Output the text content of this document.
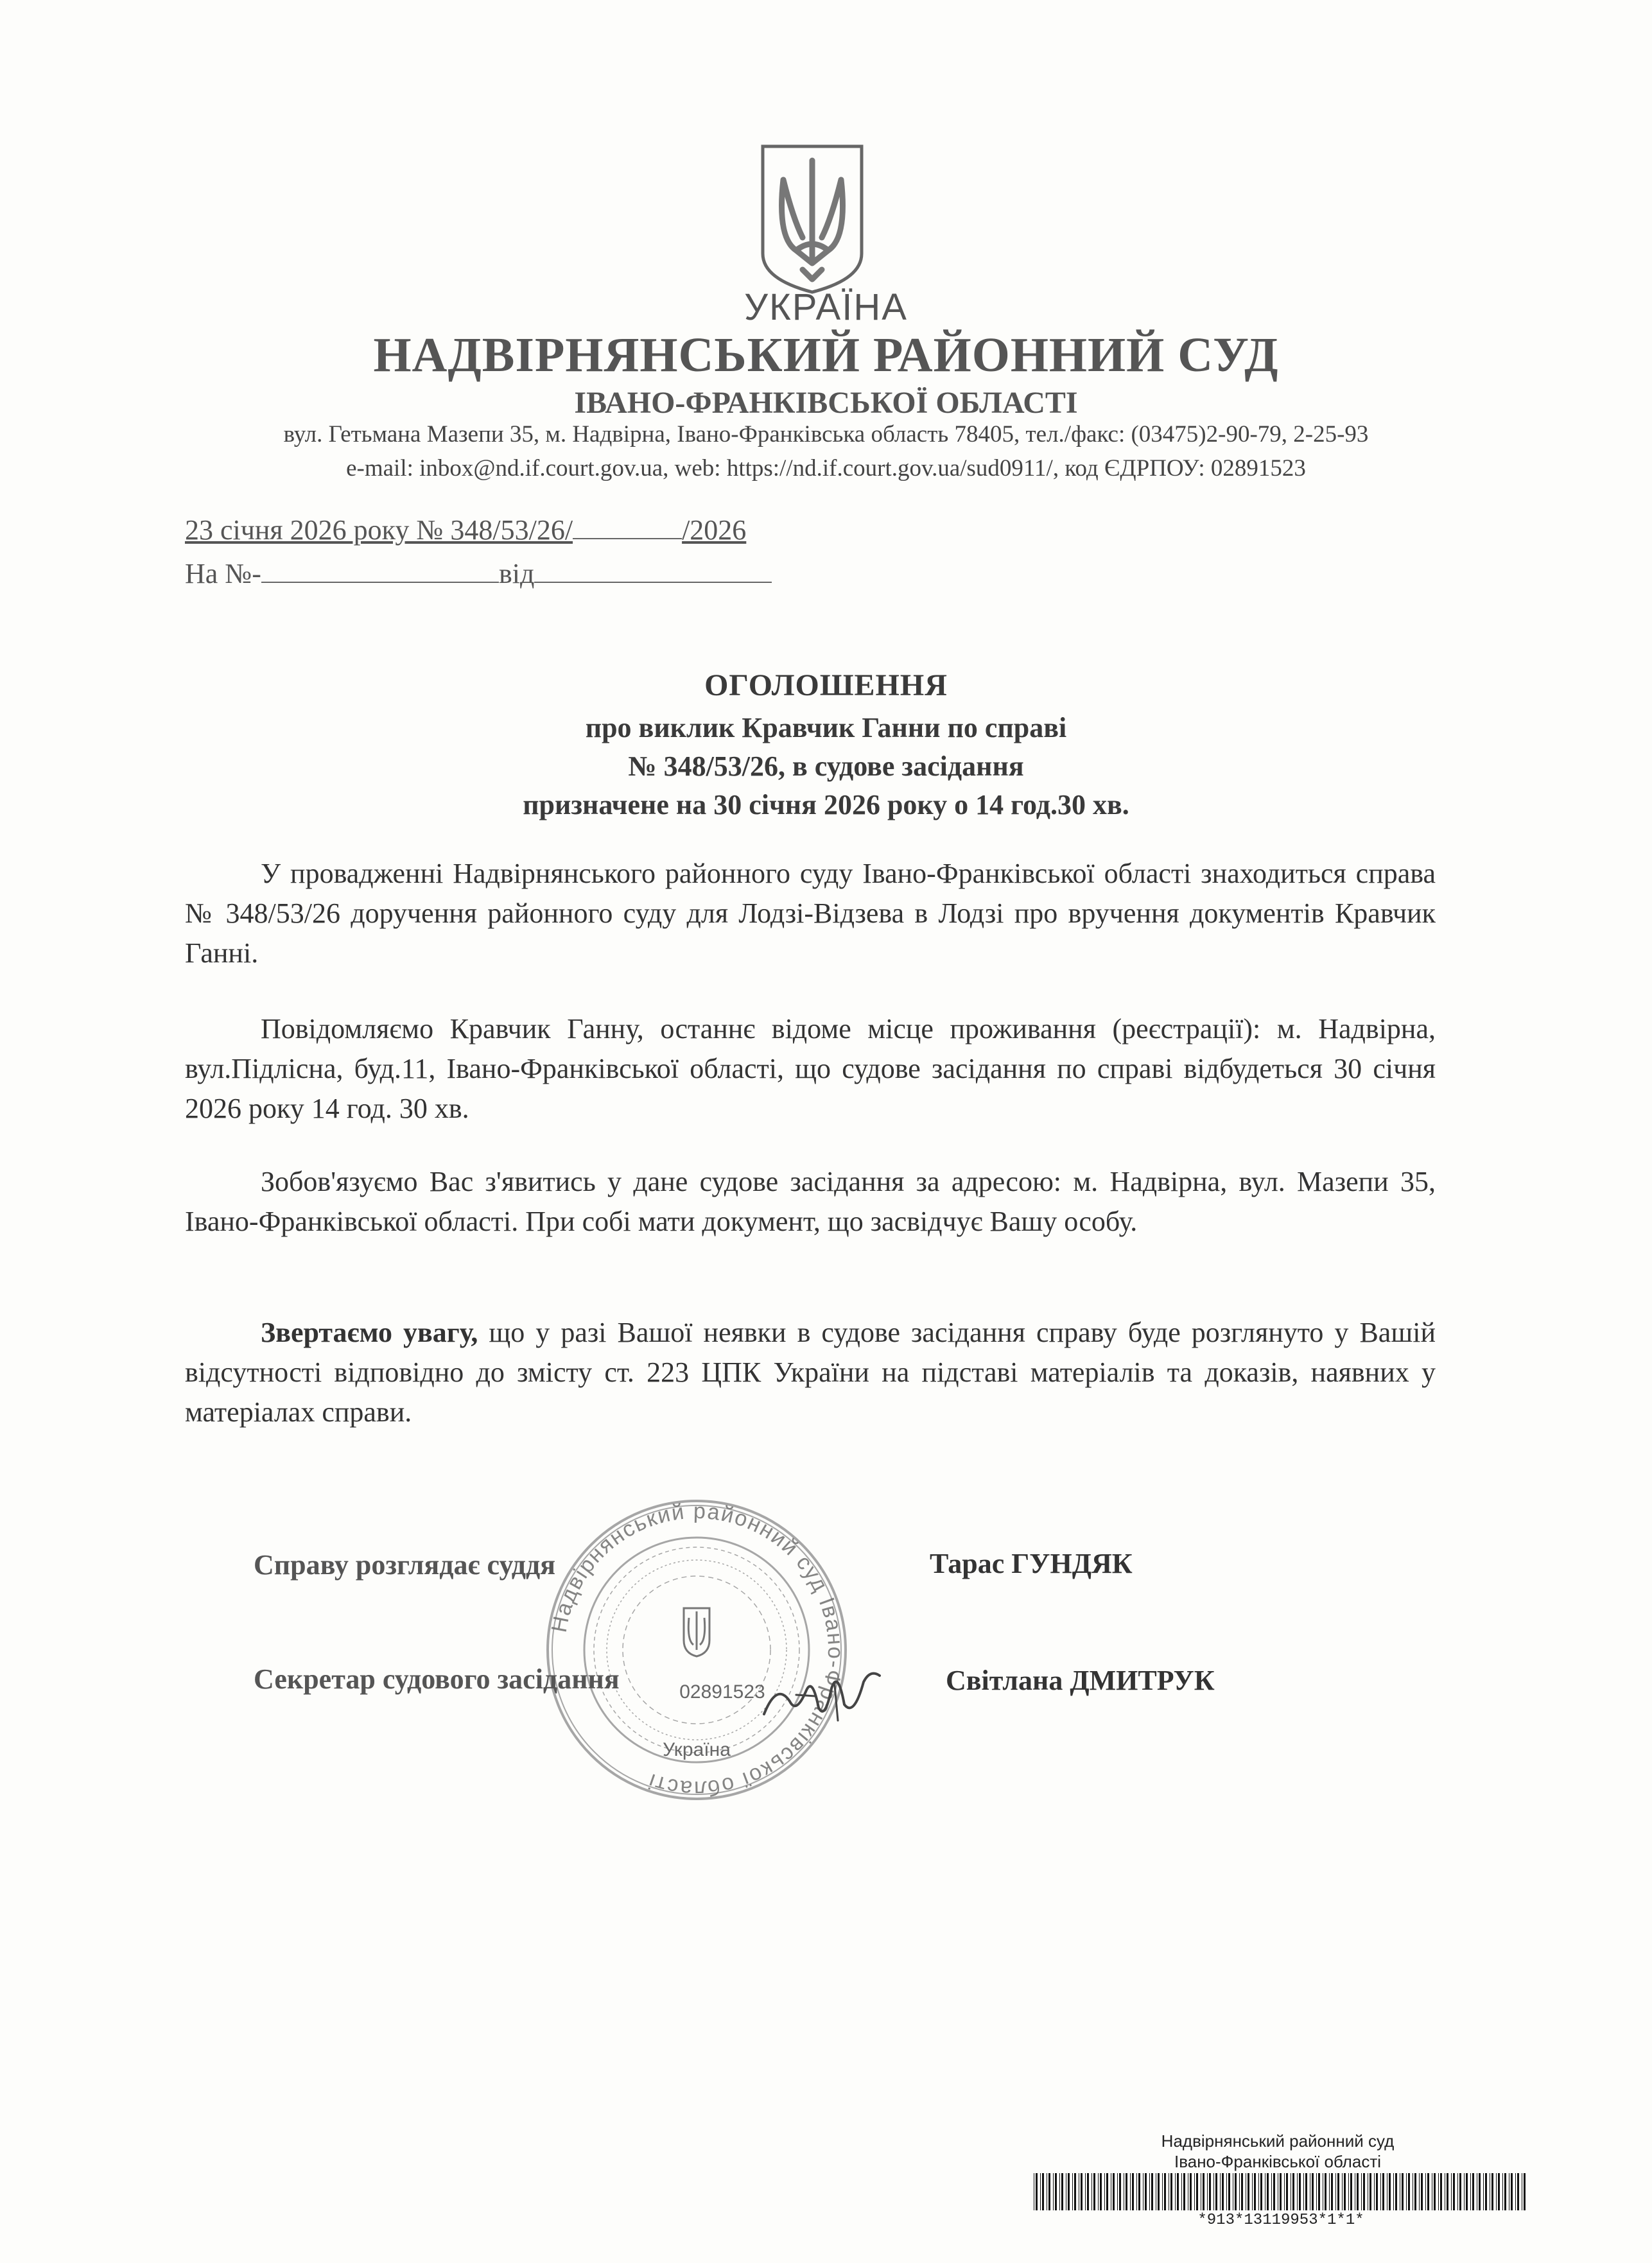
УКРАЇНА
НАДВІРНЯНСЬКИЙ РАЙОННИЙ СУД
ІВАНО-ФРАНКІВСЬКОЇ ОБЛАСТІ
вул. Гетьмана Мазепи 35, м. Надвірна, Івано-Франківська область 78405, тел./факс: (03475)2-90-79, 2-25-93
e-mail: inbox@nd.if.court.gov.ua, web: https://nd.if.court.gov.ua/sud0911/, код ЄДРПОУ: 02891523
23 січня 2026 року № 348/53/26/	/2026
На №-	від
ОГОЛОШЕННЯ
про виклик Кравчик Ганни по справі
№ 348/53/26, в судове засідання
призначене на 30 січня 2026 року о 14 год.30 хв.
У провадженні Надвірнянського районного суду Івано-Франківської області знаходиться справа № 348/53/26 доручення районного суду для Лодзі-Відзева в Лодзі про вручення документів Кравчик Ганні.
Повідомляємо Кравчик Ганну, останнє відоме місце проживання (реєстрації): м. Надвірна, вул.Підлісна, буд.11, Івано-Франківської області, що судове засідання по справі відбудеться 30 січня 2026 року 14 год. 30 хв.
Зобов'язуємо Вас з'явитись у дане судове засідання за адресою: м. Надвірна, вул. Мазепи 35, Івано-Франківської області. При собі мати документ, що засвідчує Вашу особу.
Звертаємо увагу, що у разі Вашої неявки в судове засідання справу буде розглянуто у Вашій відсутності відповідно до змісту ст. 223 ЦПК України на підставі матеріалів та доказів, наявних у матеріалах справи.
Надвірнянський районний суд Івано-Франківської області
02891523
Україна
Справу розглядає суддя	Тарас ГУНДЯК
Секретар судового засідання	Світлана ДМИТРУК
Надвірнянський районний суд
Івано-Франківської області
*913*13119953*1*1*
